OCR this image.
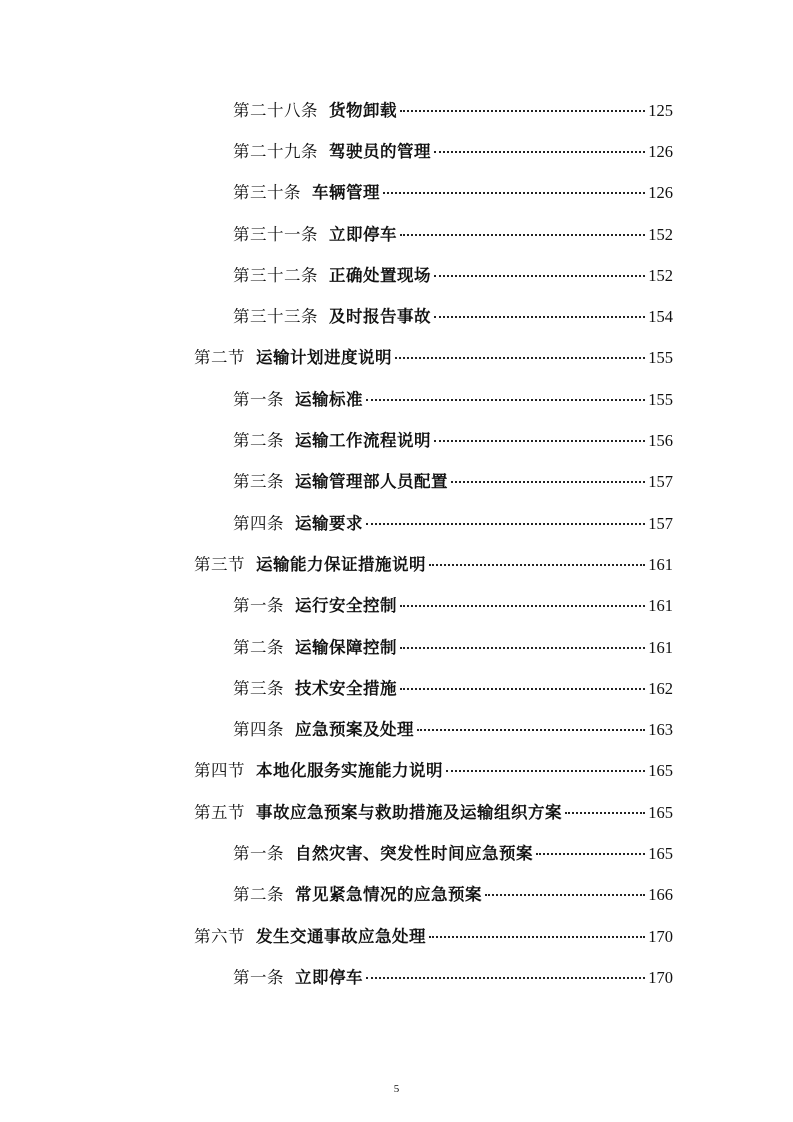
第二十八条 货物卸载	125
第二十九条 驾驶员的管理	126
第三十条 车辆管理	126
第三十一条 立即停车	152
第三十二条 正确处置现场	152
第三十三条 及时报告事故	154
第二节 运输计划进度说明	155
第一条 运输标准	155
第二条 运输工作流程说明	156
第三条 运输管理部人员配置	157
第四条 运输要求	157
第三节 运输能力保证措施说明	161
第一条 运行安全控制	161
第二条 运输保障控制	161
第三条 技术安全措施	162
第四条 应急预案及处理	163
第四节 本地化服务实施能力说明	165
第五节 事故应急预案与救助措施及运输组织方案	165
第一条 自然灾害、突发性时间应急预案	165
第二条 常见紧急情况的应急预案	166
第六节 发生交通事故应急处理	170
第一条 立即停车	170
5
